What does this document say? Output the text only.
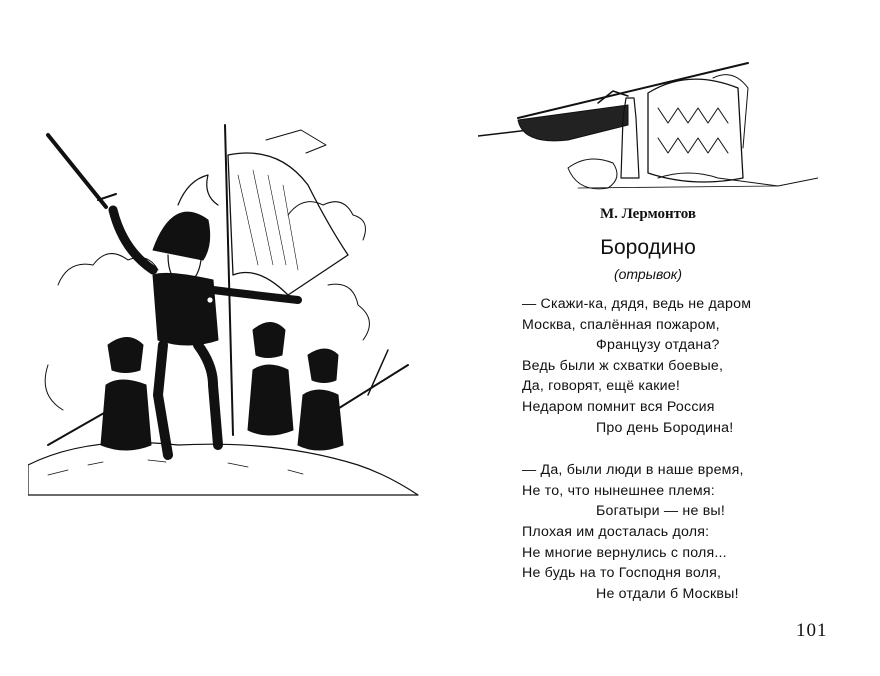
Бородино
(отрывок)
— Скажи-ка, дядя, ведь не даром
Москва, спалённая пожаром,
Французу отдана?
Ведь были ж схватки боевые,
Да, говорят, ещё какие!
Недаром помнит вся Россия
Про день Бородина!
— Да, были люди в наше время,
Не то, что нынешнее племя:
Богатыри — не вы!
Плохая им досталась доля:
Не многие вернулись с поля...
Не будь на то Господня воля,
Не отдали б Москвы!
М. Лермонтов
101
